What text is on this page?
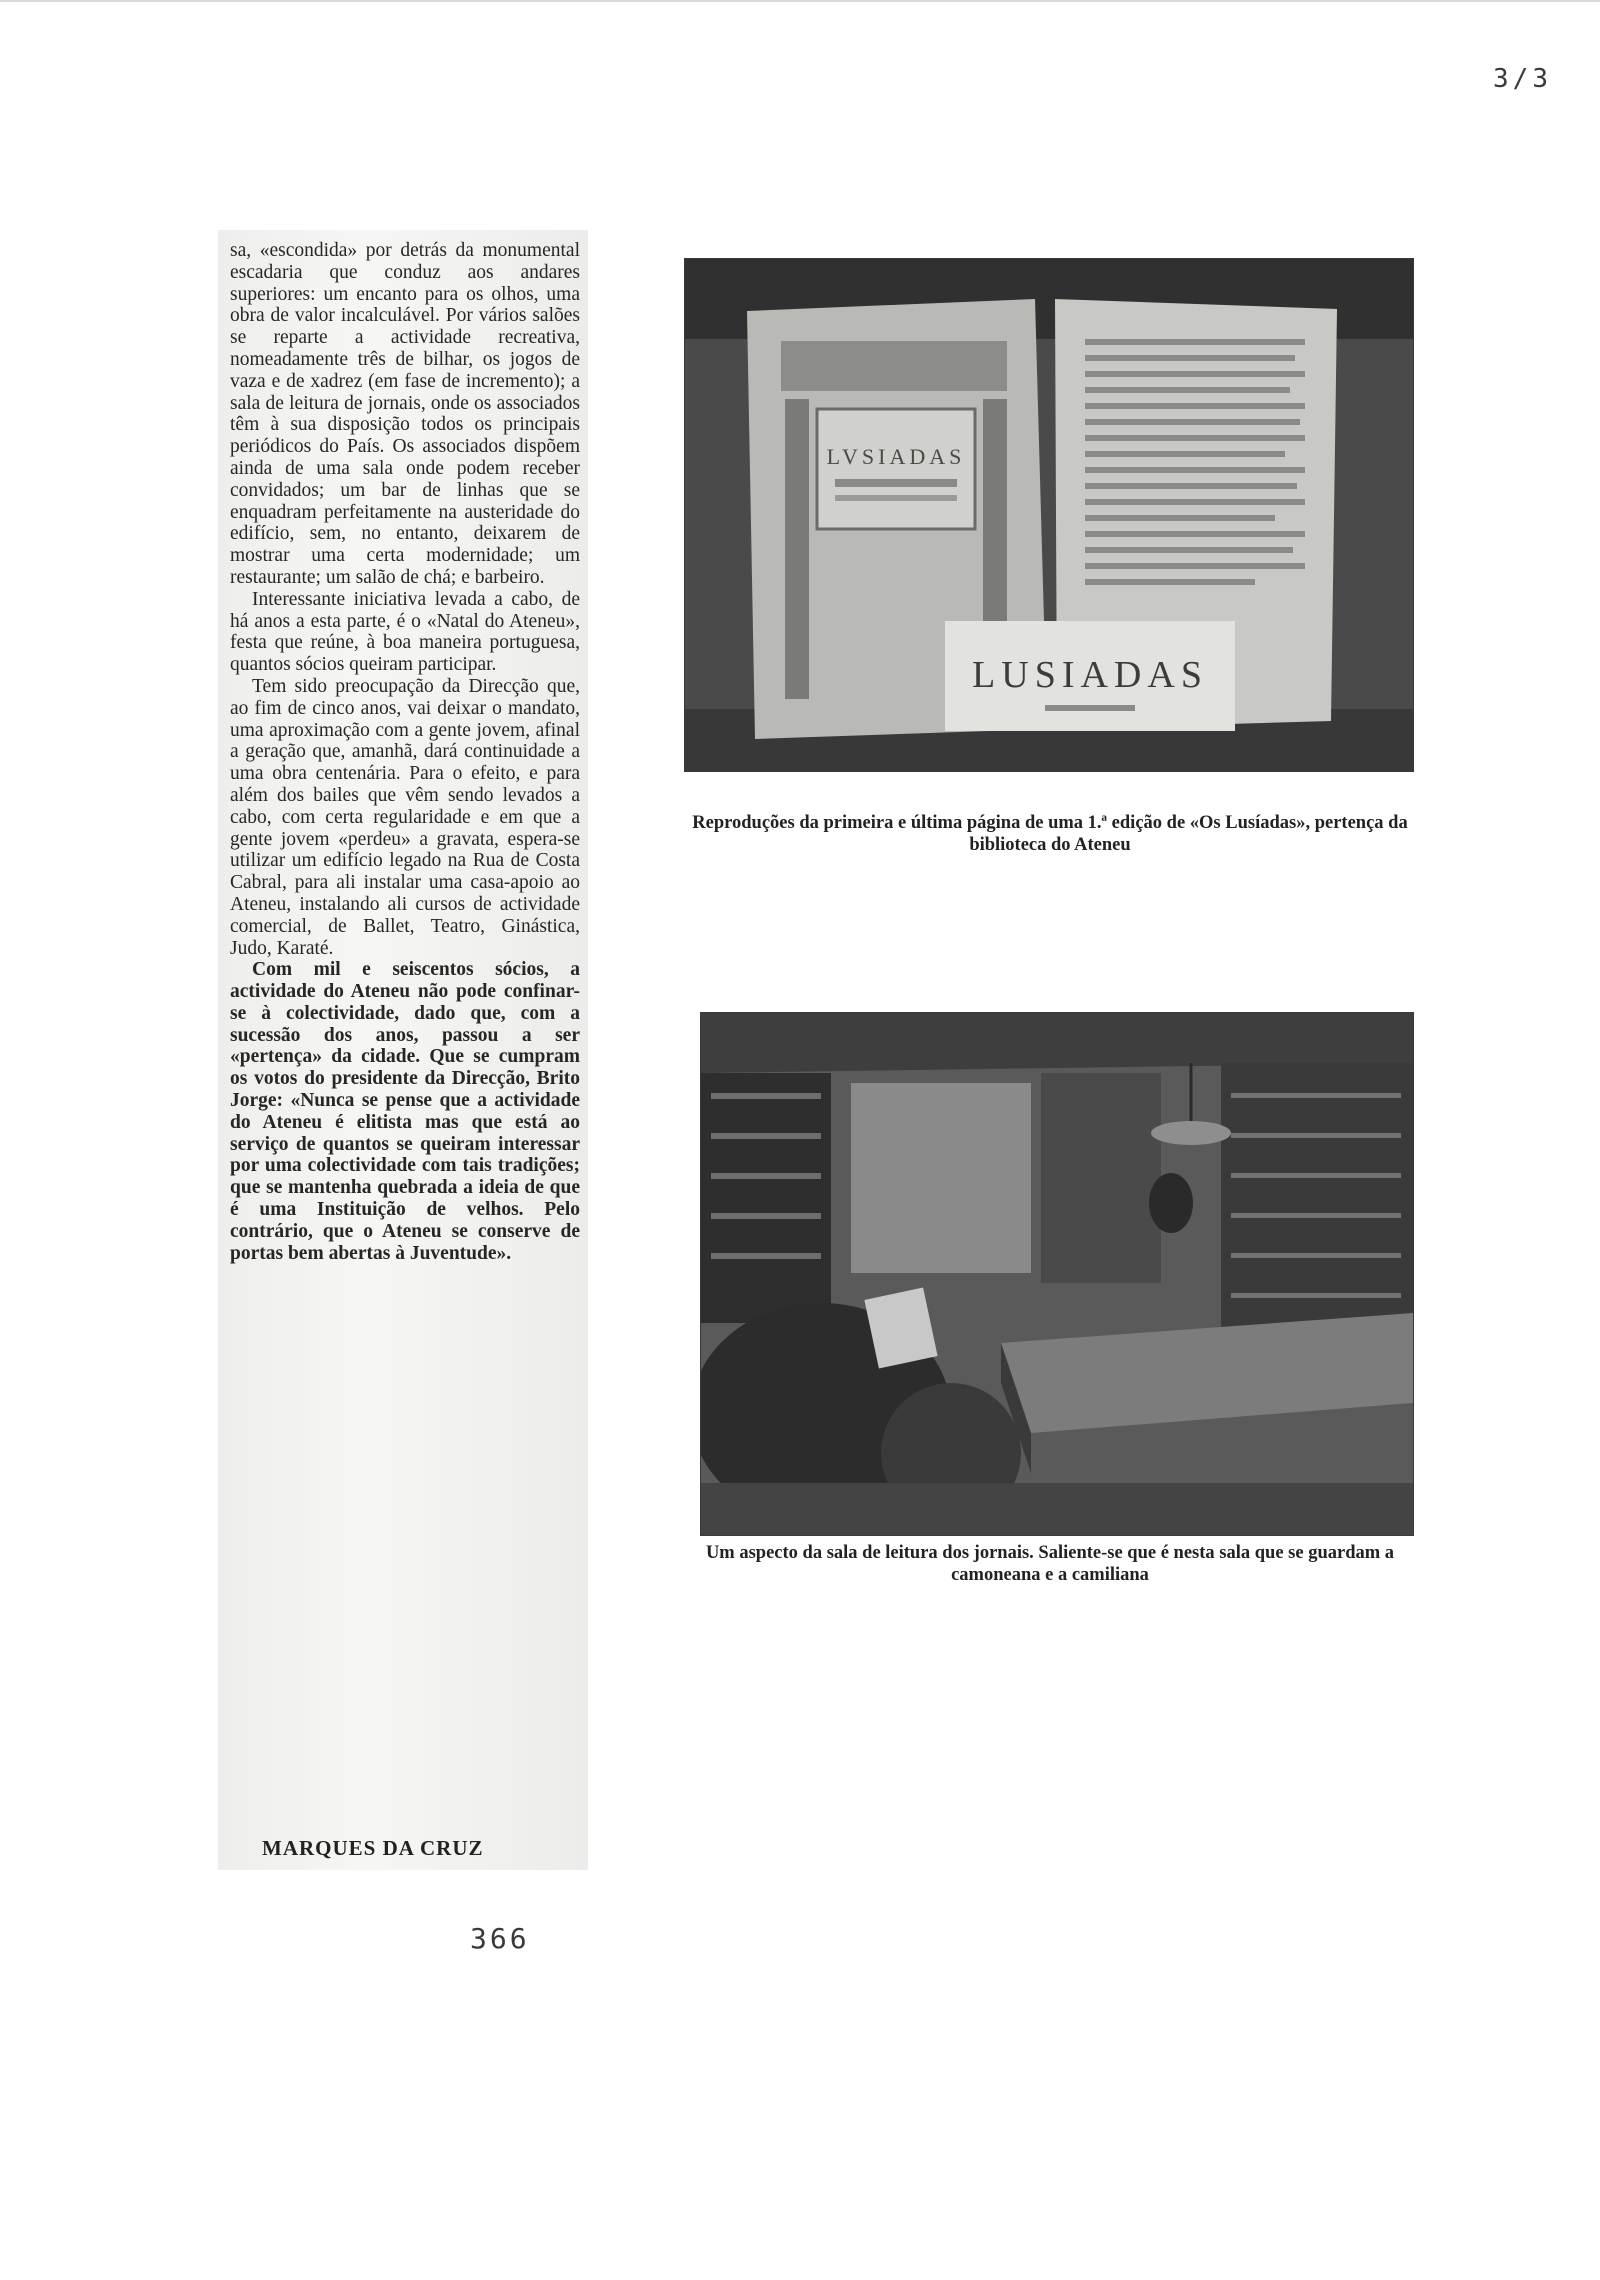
3/3

sa, «escondida» por detrás da monumental escadaria que conduz aos andares superiores: um encanto para os olhos, uma obra de valor incalculável. Por vários salões se reparte a actividade recreativa, nomeadamente três de bilhar, os jogos de vaza e de xadrez (em fase de incremento); a sala de leitura de jornais, onde os associados têm à sua disposição todos os principais periódicos do País. Os associados dispõem ainda de uma sala onde podem receber convidados; um bar de linhas que se enquadram perfeitamente na austeridade do edifício, sem, no entanto, deixarem de mostrar uma certa modernidade; um restaurante; um salão de chá; e barbeiro.

Interessante iniciativa levada a cabo, de há anos a esta parte, é o «Natal do Ateneu», festa que reúne, à boa maneira portuguesa, quantos sócios queiram participar.

Tem sido preocupação da Direcção que, ao fim de cinco anos, vai deixar o mandato, uma aproximação com a gente jovem, afinal a geração que, amanhã, dará continuidade a uma obra centenária. Para o efeito, e para além dos bailes que vêm sendo levados a cabo, com certa regularidade e em que a gente jovem «perdeu» a gravata, espera-se utilizar um edifício legado na Rua de Costa Cabral, para ali instalar uma casa-apoio ao Ateneu, instalando ali cursos de actividade comercial, de Ballet, Teatro, Ginástica, Judo, Karaté.

Com mil e seiscentos sócios, a actividade do Ateneu não pode confinar-se à colectividade, dado que, com a sucessão dos anos, passou a ser «pertença» da cidade. Que se cumpram os votos do presidente da Direcção, Brito Jorge: «Nunca se pense que a actividade do Ateneu é elitista mas que está ao serviço de quantos se queiram interessar por uma colectividade com tais tradições; que se mantenha quebrada a ideia de que é uma Instituição de velhos. Pelo contrário, que o Ateneu se conserve de portas bem abertas à Juventude».

MARQUES DA CRUZ
LVSIADAS
LUSIADAS
Reproduções da primeira e última página de uma 1.ª edição de «Os Lusíadas», pertença da biblioteca do Ateneu
Um aspecto da sala de leitura dos jornais. Saliente-se que é nesta sala que se guardam a camoneana e a camiliana
366
